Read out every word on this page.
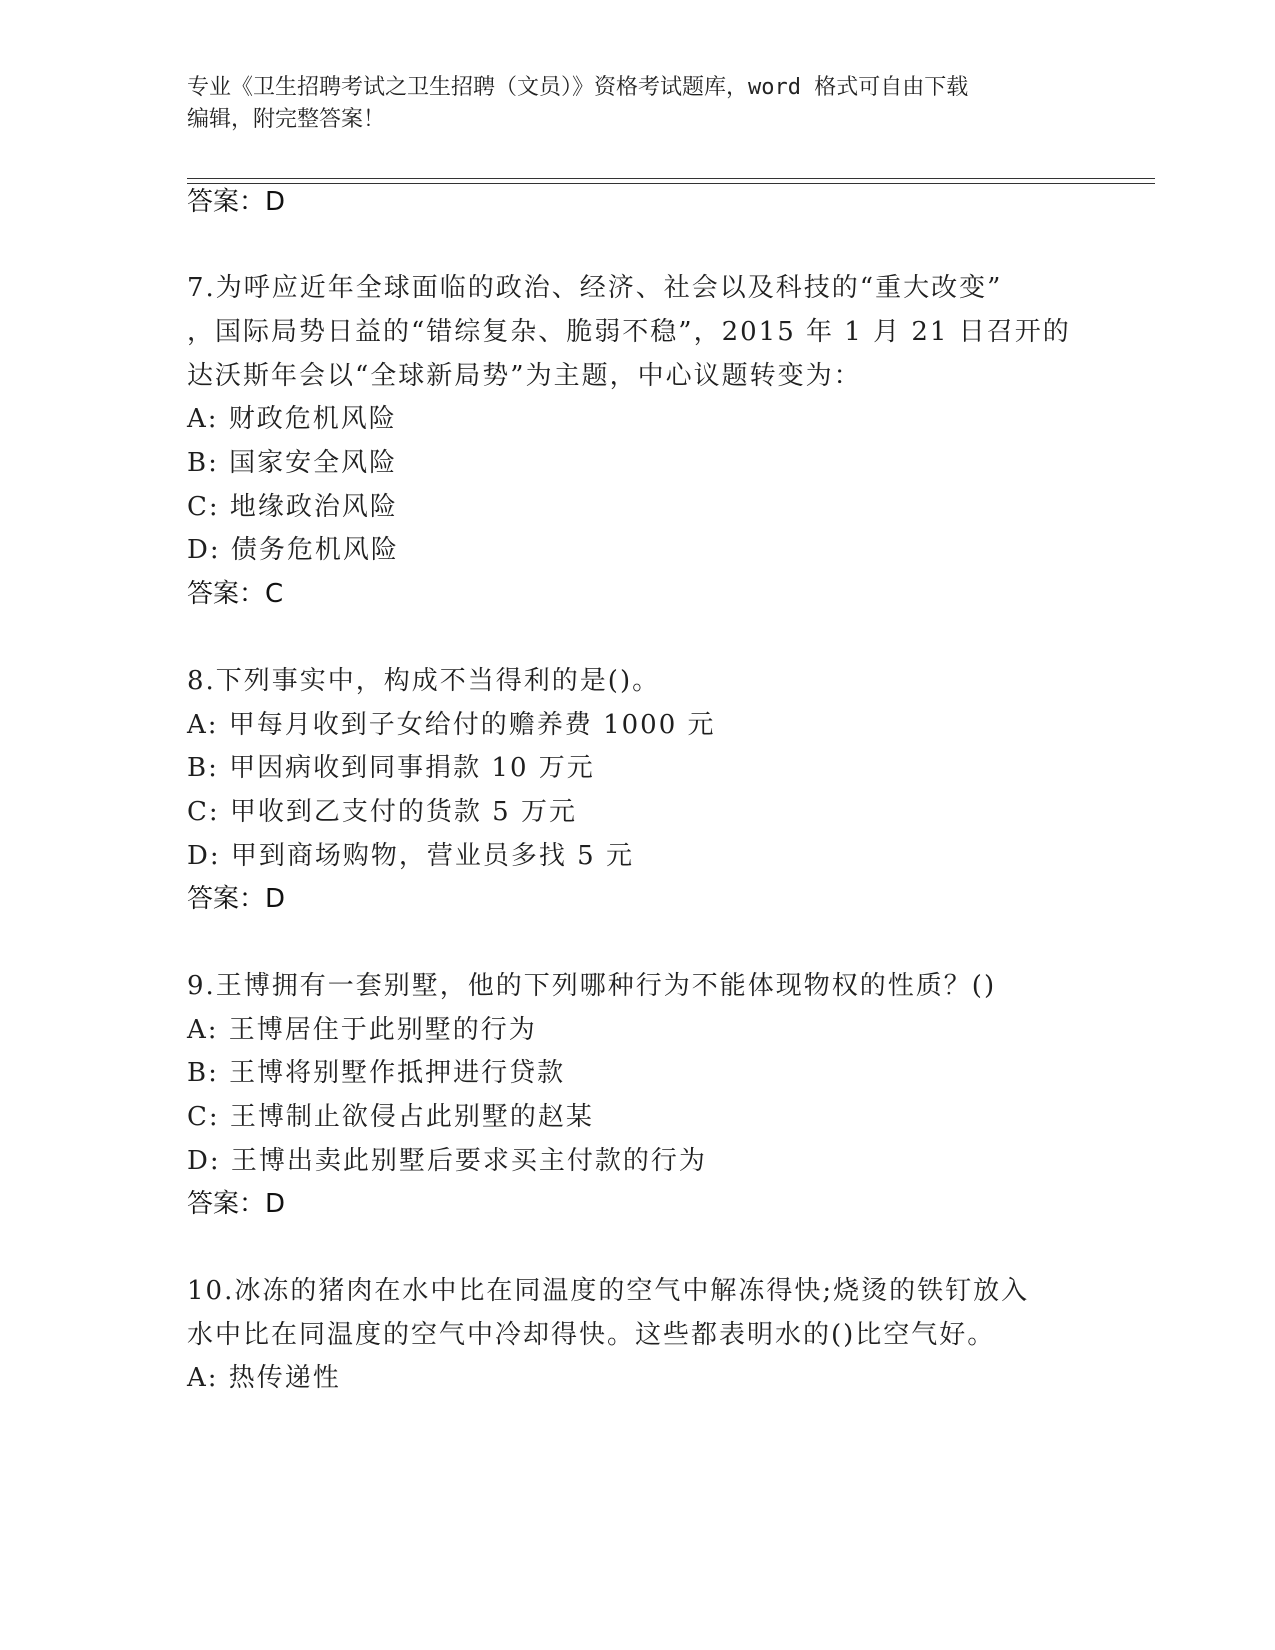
专业《卫生招聘考试之卫生招聘（文员）》资格考试题库，word 格式可自由下载
编辑，附完整答案！
答案：D
7.为呼应近年全球面临的政治、经济、社会以及科技的“重大改变”
，国际局势日益的“错综复杂、脆弱不稳”，2015 年 1 月 21 日召开的
达沃斯年会以“全球新局势”为主题，中心议题转变为：
A: 财政危机风险
B: 国家安全风险
C: 地缘政治风险
D: 债务危机风险
答案：C
8.下列事实中，构成不当得利的是()。
A: 甲每月收到子女给付的赡养费 1000 元
B: 甲因病收到同事捐款 10 万元
C: 甲收到乙支付的货款 5 万元
D: 甲到商场购物，营业员多找 5 元
答案：D
9.王博拥有一套别墅，他的下列哪种行为不能体现物权的性质？()
A: 王博居住于此别墅的行为
B: 王博将别墅作抵押进行贷款
C: 王博制止欲侵占此别墅的赵某
D: 王博出卖此别墅后要求买主付款的行为
答案：D
10.冰冻的猪肉在水中比在同温度的空气中解冻得快;烧烫的铁钉放入
水中比在同温度的空气中冷却得快。这些都表明水的()比空气好。
A: 热传递性
